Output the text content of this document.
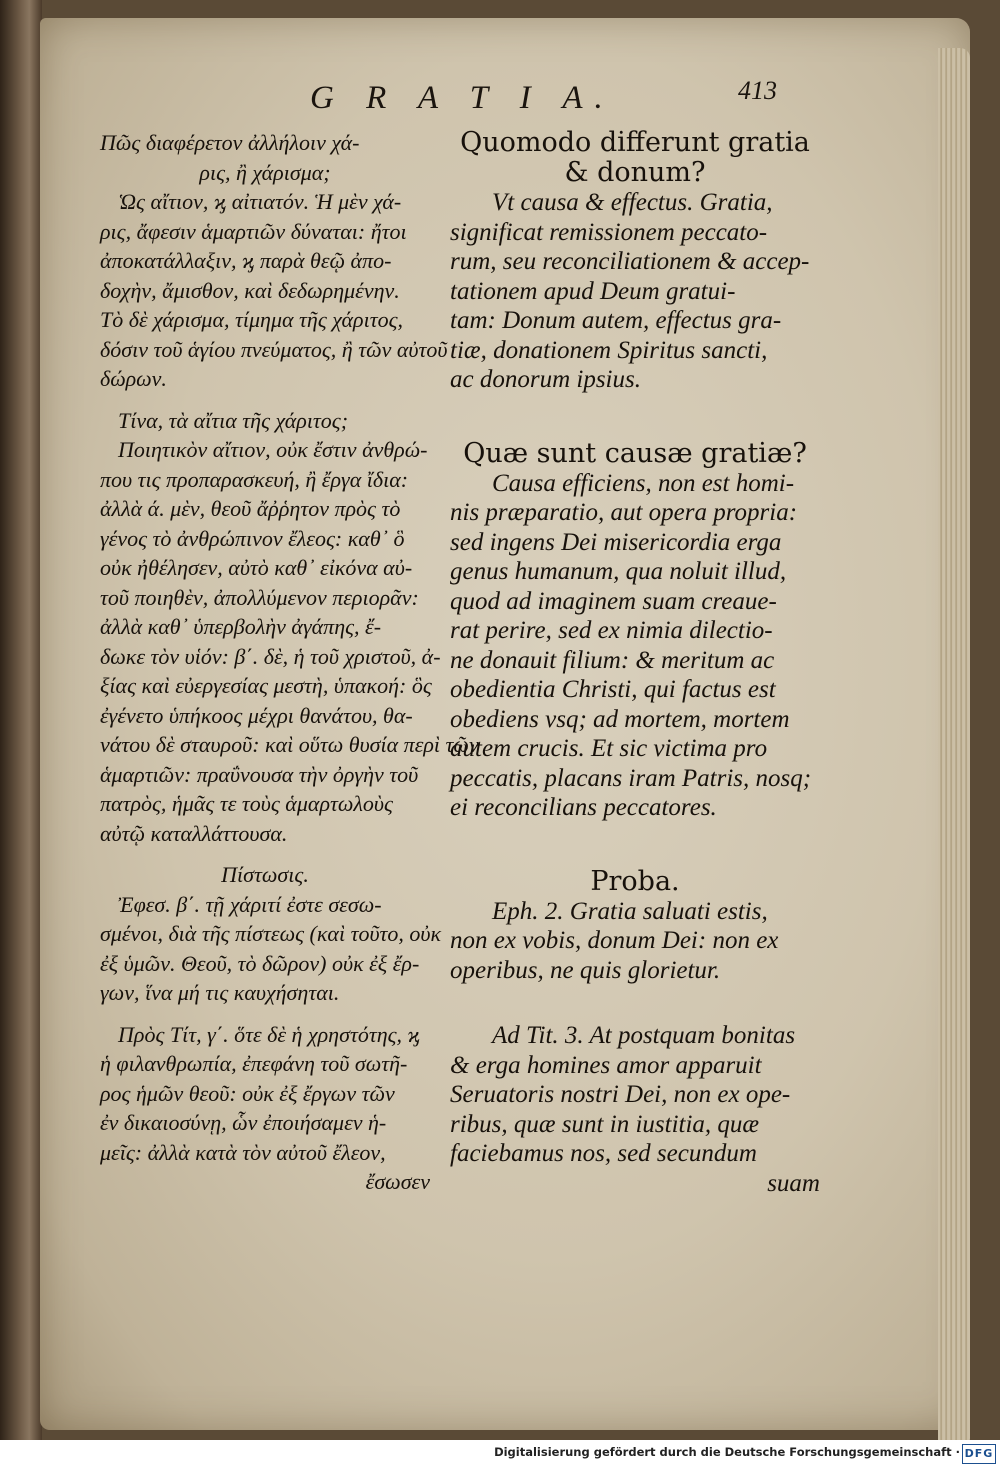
G R A T I A.	413

Πῶς διαφέρετον ἀλλήλοιν χά-

ρις, ἢ χάρισμα;

Ὡς αἴτιον, ϗ αἰτιατόν. Ἡ μὲν χά-

ρις, ἄφεσιν ἁμαρτιῶν δύναται: ἤτοι

ἀποκατάλλαξιν, ϗ παρὰ θεῷ ἀπο-

δοχὴν, ἄμισθον, καὶ δεδωρημένην.

Τὸ δὲ χάρισμα, τίμημα τῆς χάριτος,

δόσιν τοῦ ἁγίου πνεύματος, ἢ τῶν αὐτοῦ

δώρων.

Τίνα, τὰ αἴτια τῆς χάριτος;

Ποιητικὸν αἴτιον, οὐκ ἔστιν ἀνθρώ-

που τις προπαρασκευή, ἢ ἔργα ἴδια:

ἀλλὰ ά. μὲν, θεοῦ ἄῤῥητον πρὸς τὸ

γένος τὸ ἀνθρώπινον ἔλεος: καθ᾽ ὃ

οὐκ ἠθέλησεν, αὐτὸ καθ᾽ εἰκόνα αὐ-

τοῦ ποιηθὲν, ἀπολλύμενον περιορᾶν:

ἀλλὰ καθ᾽ ὑπερβολὴν ἀγάπης, ἔ-

δωκε τὸν υἱόν: β΄. δὲ, ἡ τοῦ χριστοῦ, ἀ-

ξίας καὶ εὐεργεσίας μεστὴ, ὑπακοή: ὃς

ἐγένετο ὑπήκοος μέχρι θανάτου, θα-

νάτου δὲ σταυροῦ: καὶ οὕτω θυσία περὶ τῶν

ἁμαρτιῶν: πραΰνουσα τὴν ὀργὴν τοῦ

πατρὸς, ἡμᾶς τε τοὺς ἁμαρτωλοὺς

αὐτῷ καταλλάττουσα.

Πίστωσις.

Ἐφεσ. β΄. τῇ χάριτί ἐστε σεσω-

σμένοι, διὰ τῆς πίστεως (καὶ τοῦτο, οὐκ

ἐξ ὑμῶν. Θεοῦ, τὸ δῶρον) οὐκ ἐξ ἔρ-

γων, ἵνα μή τις καυχήσηται.

Πρὸς Τίτ, γ΄. ὅτε δὲ ἡ χρηστότης, ϗ

ἡ φιλανθρωπία, ἐπεφάνη τοῦ σωτῆ-

ρος ἡμῶν θεοῦ: οὐκ ἐξ ἔργων τῶν

ἐν δικαιοσύνῃ, ὧν ἐποιήσαμεν ἡ-

μεῖς: ἀλλὰ κατὰ τὸν αὐτοῦ ἔλεον,

ἔσωσεν

Quomodo differunt gratia

& donum?

Vt causa & effectus. Gratia,

significat remissionem peccato-

rum, seu reconciliationem & accep-

tationem apud Deum gratui-

tam: Donum autem, effectus gra-

tiæ, donationem Spiritus sancti,

ac donorum ipsius.

Quæ sunt causæ gratiæ?

Causa efficiens, non est homi-

nis præparatio, aut opera propria:

sed ingens Dei misericordia erga

genus humanum, qua noluit illud,

quod ad imaginem suam creaue-

rat perire, sed ex nimia dilectio-

ne donauit filium: & meritum ac

obedientia Christi, qui factus est

obediens vsq; ad mortem, mortem

autem crucis. Et sic victima pro

peccatis, placans iram Patris, nosq;

ei reconcilians peccatores.

Proba.

Eph. 2. Gratia saluati estis,

non ex vobis, donum Dei: non ex

operibus, ne quis glorietur.

Ad Tit. 3. At postquam bonitas

& erga homines amor apparuit

Seruatoris nostri Dei, non ex ope-

ribus, quæ sunt in iustitia, quæ

faciebamus nos, sed secundum

suam

Digitalisierung gefördert durch die Deutsche Forschungsgemeinschaft · DFG
